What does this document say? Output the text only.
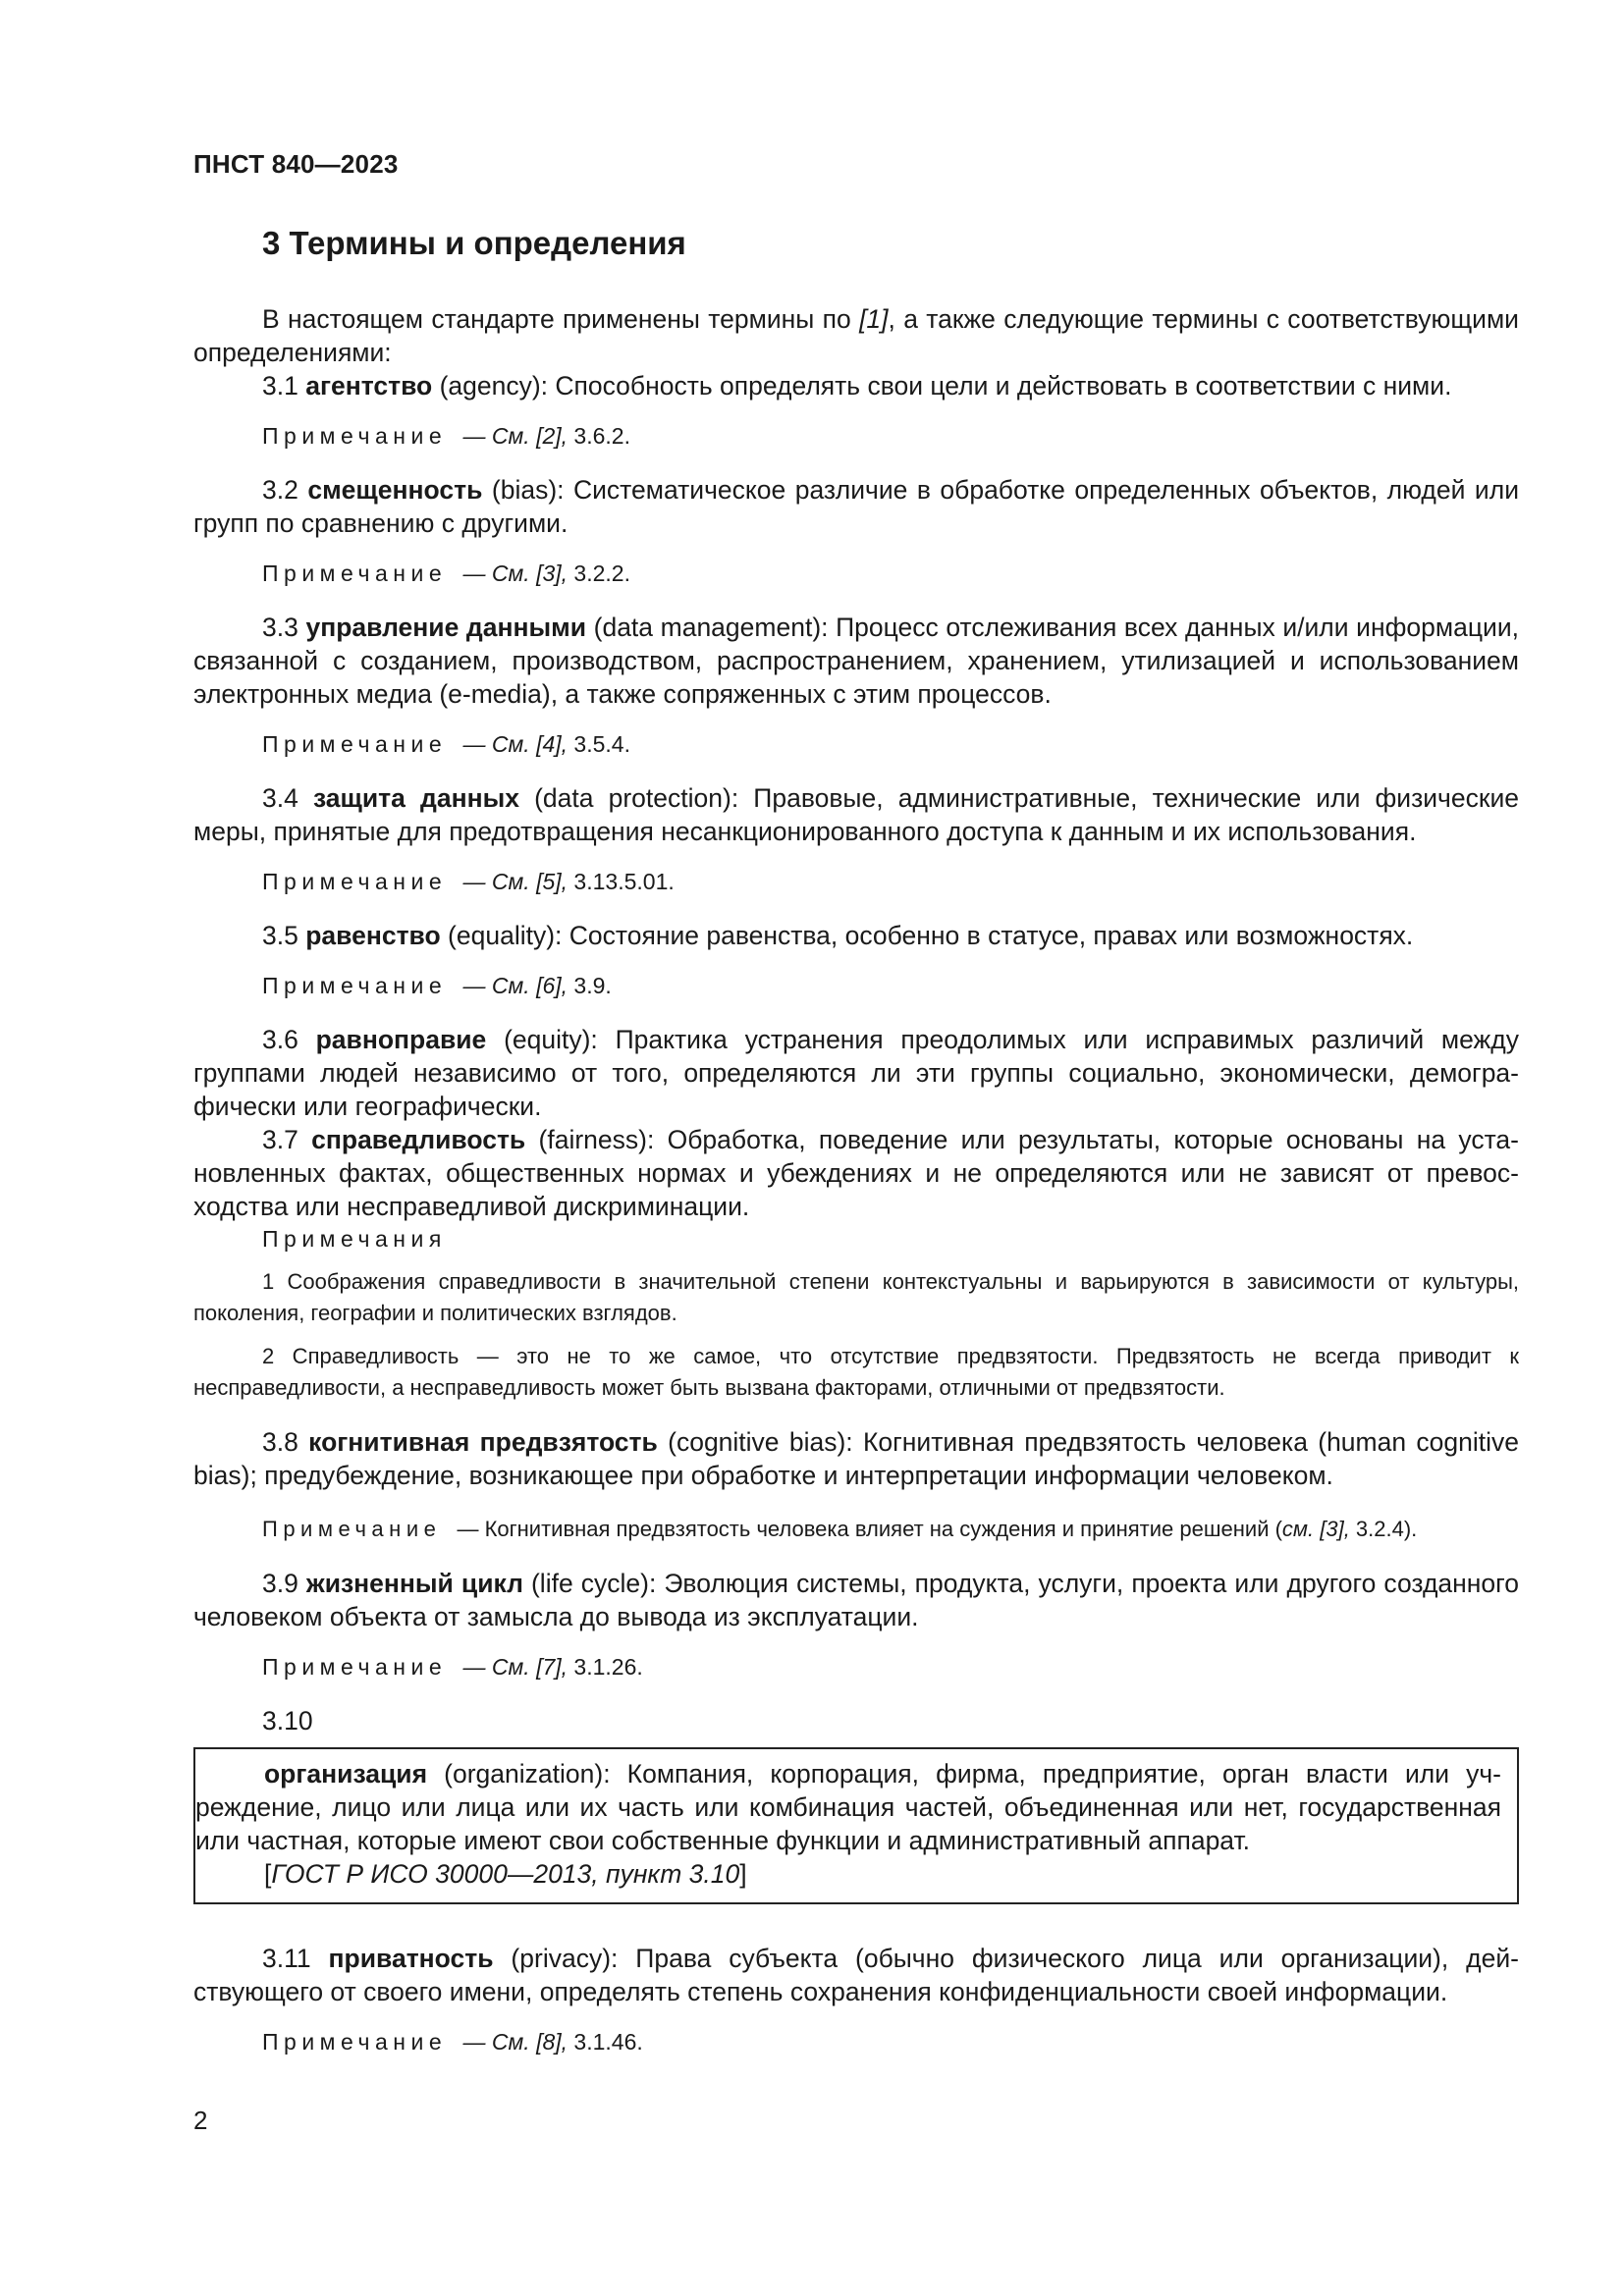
ПНСТ 840—2023
3 Термины и определения

В настоящем стандарте применены термины по [1], а также следующие термины с соответствующими определениями:

3.1 агентство (agency): Способность определять свои цели и действовать в соответствии с ними.

Примечание — См. [2], 3.6.2.

3.2 смещенность (bias): Систематическое различие в обработке определенных объектов, людей или групп по сравнению с другими.

Примечание — См. [3], 3.2.2.

3.3 управление данными (data management): Процесс отслеживания всех данных и/или информации, связанной с созданием, производством, распространением, хранением, утилизацией и использованием электронных медиа (e-media), а также сопряженных с этим процессов.

Примечание — См. [4], 3.5.4.

3.4 защита данных (data protection): Правовые, административные, технические или физические меры, принятые для предотвращения несанкционированного доступа к данным и их использования.

Примечание — См. [5], 3.13.5.01.

3.5 равенство (equality): Состояние равенства, особенно в статусе, правах или возможностях.

Примечание — См. [6], 3.9.

3.6 равноправие (equity): Практика устранения преодолимых или исправимых различий между группами людей независимо от того, определяются ли эти группы социально, экономически, демографически или географически.

3.7 справедливость (fairness): Обработка, поведение или результаты, которые основаны на установленных фактах, общественных нормах и убеждениях и не определяются или не зависят от превосходства или несправедливой дискриминации.

Примечания

1 Соображения справедливости в значительной степени контекстуальны и варьируются в зависимости от культуры, поколения, географии и политических взглядов.

2 Справедливость — это не то же самое, что отсутствие предвзятости. Предвзятость не всегда приводит к несправедливости, а несправедливость может быть вызвана факторами, отличными от предвзятости.

3.8 когнитивная предвзятость (cognitive bias): Когнитивная предвзятость человека (human cognitive bias); предубеждение, возникающее при обработке и интерпретации информации человеком.

Примечание — Когнитивная предвзятость человека влияет на суждения и принятие решений (см. [3], 3.2.4).

3.9 жизненный цикл (life cycle): Эволюция системы, продукта, услуги, проекта или другого созданного человеком объекта от замысла до вывода из эксплуатации.

Примечание — См. [7], 3.1.26.

3.10

организация (organization): Компания, корпорация, фирма, предприятие, орган власти или учреждение, лицо или лица или их часть или комбинация частей, объединенная или нет, государственная или частная, которые имеют свои собственные функции и административный аппарат.

[ГОСТ Р ИСО 30000—2013, пункт 3.10]

3.11 приватность (privacy): Права субъекта (обычно физического лица или организации), действующего от своего имени, определять степень сохранения конфиденциальности своей информации.

Примечание — См. [8], 3.1.46.
2
